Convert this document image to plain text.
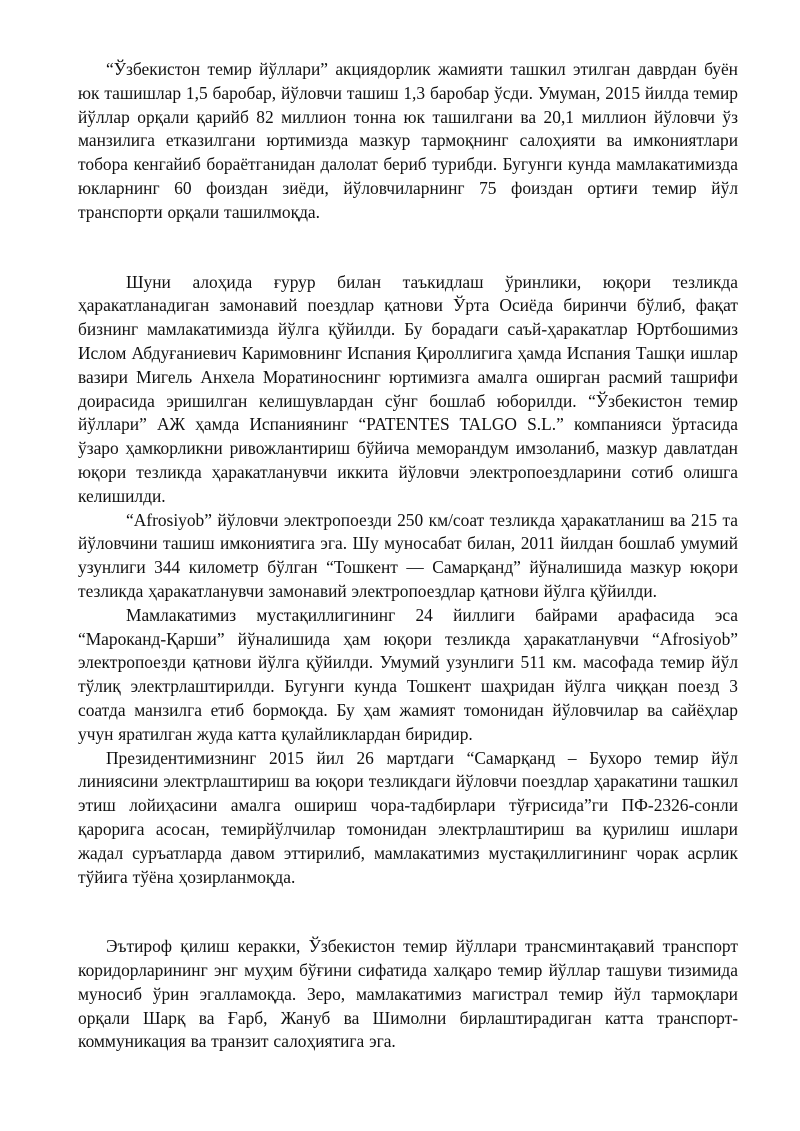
“Ўзбекистон темир йўллари” акциядорлик жамияти ташкил этилган даврдан буён юк ташишлар 1,5 баробар, йўловчи ташиш 1,3 баробар ўсди. Умуман, 2015 йилда темир йўллар орқали қарийб 82 миллион тонна юк ташилгани ва 20,1 миллион йўловчи ўз манзилига етказилгани юртимизда мазкур тармоқнинг салоҳияти ва имкониятлари тобора кенгайиб бораётганидан далолат бериб турибди. Бугунги кунда мамлакатимизда юкларнинг 60 фоиздан зиёди, йўловчиларнинг 75 фоиздан ортиғи темир йўл транспорти орқали ташилмоқда.

Шуни алоҳида ғурур билан таъкидлаш ўринлики, юқори тезликда ҳаракатланадиган замонавий поездлар қатнови Ўрта Осиёда биринчи бўлиб, фақат бизнинг мамлакатимизда йўлга қўйилди. Бу борадаги саъй-ҳаракатлар Юртбошимиз Ислом Абдуғаниевич Каримовнинг Испания Қироллигига ҳамда Испания Ташқи ишлар вазири Мигель Анхела Моратиноснинг юртимизга амалга оширган расмий ташрифи доирасида эришилган келишувлардан сўнг бошлаб юборилди. “Ўзбекистон темир йўллари” АЖ ҳамда Испаниянинг “PATENTES TALGO S.L.” компанияси ўртасида ўзаро ҳамкорликни ривожлантириш бўйича меморандум имзоланиб, мазкур давлатдан юқори тезликда ҳаракатланувчи иккита йўловчи электропоездларини сотиб олишга келишилди.

“Afrosiyob” йўловчи электропоезди 250 км/соат тезликда ҳаракатланиш ва 215 та йўловчини ташиш имкониятига эга. Шу муносабат билан, 2011 йилдан бошлаб умумий узунлиги 344 километр бўлган “Тошкент — Самарқанд” йўналишида мазкур юқори тезликда ҳаракатланувчи замонавий электропоездлар қатнови йўлга қўйилди.

Мамлакатимиз мустақиллигининг 24 йиллиги байрами арафасида эса “Мароканд-Қарши” йўналишида ҳам юқори тезликда ҳаракатланувчи “Afrosiyob” электропоезди қатнови йўлга қўйилди. Умумий узунлиги 511 км. масофада темир йўл тўлиқ электрлаштирилди. Бугунги кунда Тошкент шаҳридан йўлга чиққан поезд 3 соатда манзилга етиб бормоқда. Бу ҳам жамият томонидан йўловчилар ва сайёҳлар учун яратилган жуда катта қулайликлардан биридир.

Президентимизнинг 2015 йил 26 мартдаги “Самарқанд – Бухоро темир йўл линиясини электрлаштириш ва юқори тезликдаги йўловчи поездлар ҳаракатини ташкил этиш лойиҳасини амалга ошириш чора-тадбирлари тўғрисида”ги ПФ-2326-сонли қарорига асосан, темирйўлчилар томонидан электрлаштириш ва қурилиш ишлари жадал суръатларда давом эттирилиб, мамлакатимиз мустақиллигининг чорак асрлик тўйига тўёна ҳозирланмоқда.

Эътироф қилиш керакки, Ўзбекистон темир йўллари трансминтақавий транспорт коридорларининг энг муҳим бўғини сифатида халқаро темир йўллар ташуви тизимида муносиб ўрин эгалламоқда. Зеро, мамлакатимиз магистрал темир йўл тармоқлари орқали Шарқ ва Ғарб, Жануб ва Шимолни бирлаштирадиган катта транспорт-коммуникация ва транзит салоҳиятига эга.
